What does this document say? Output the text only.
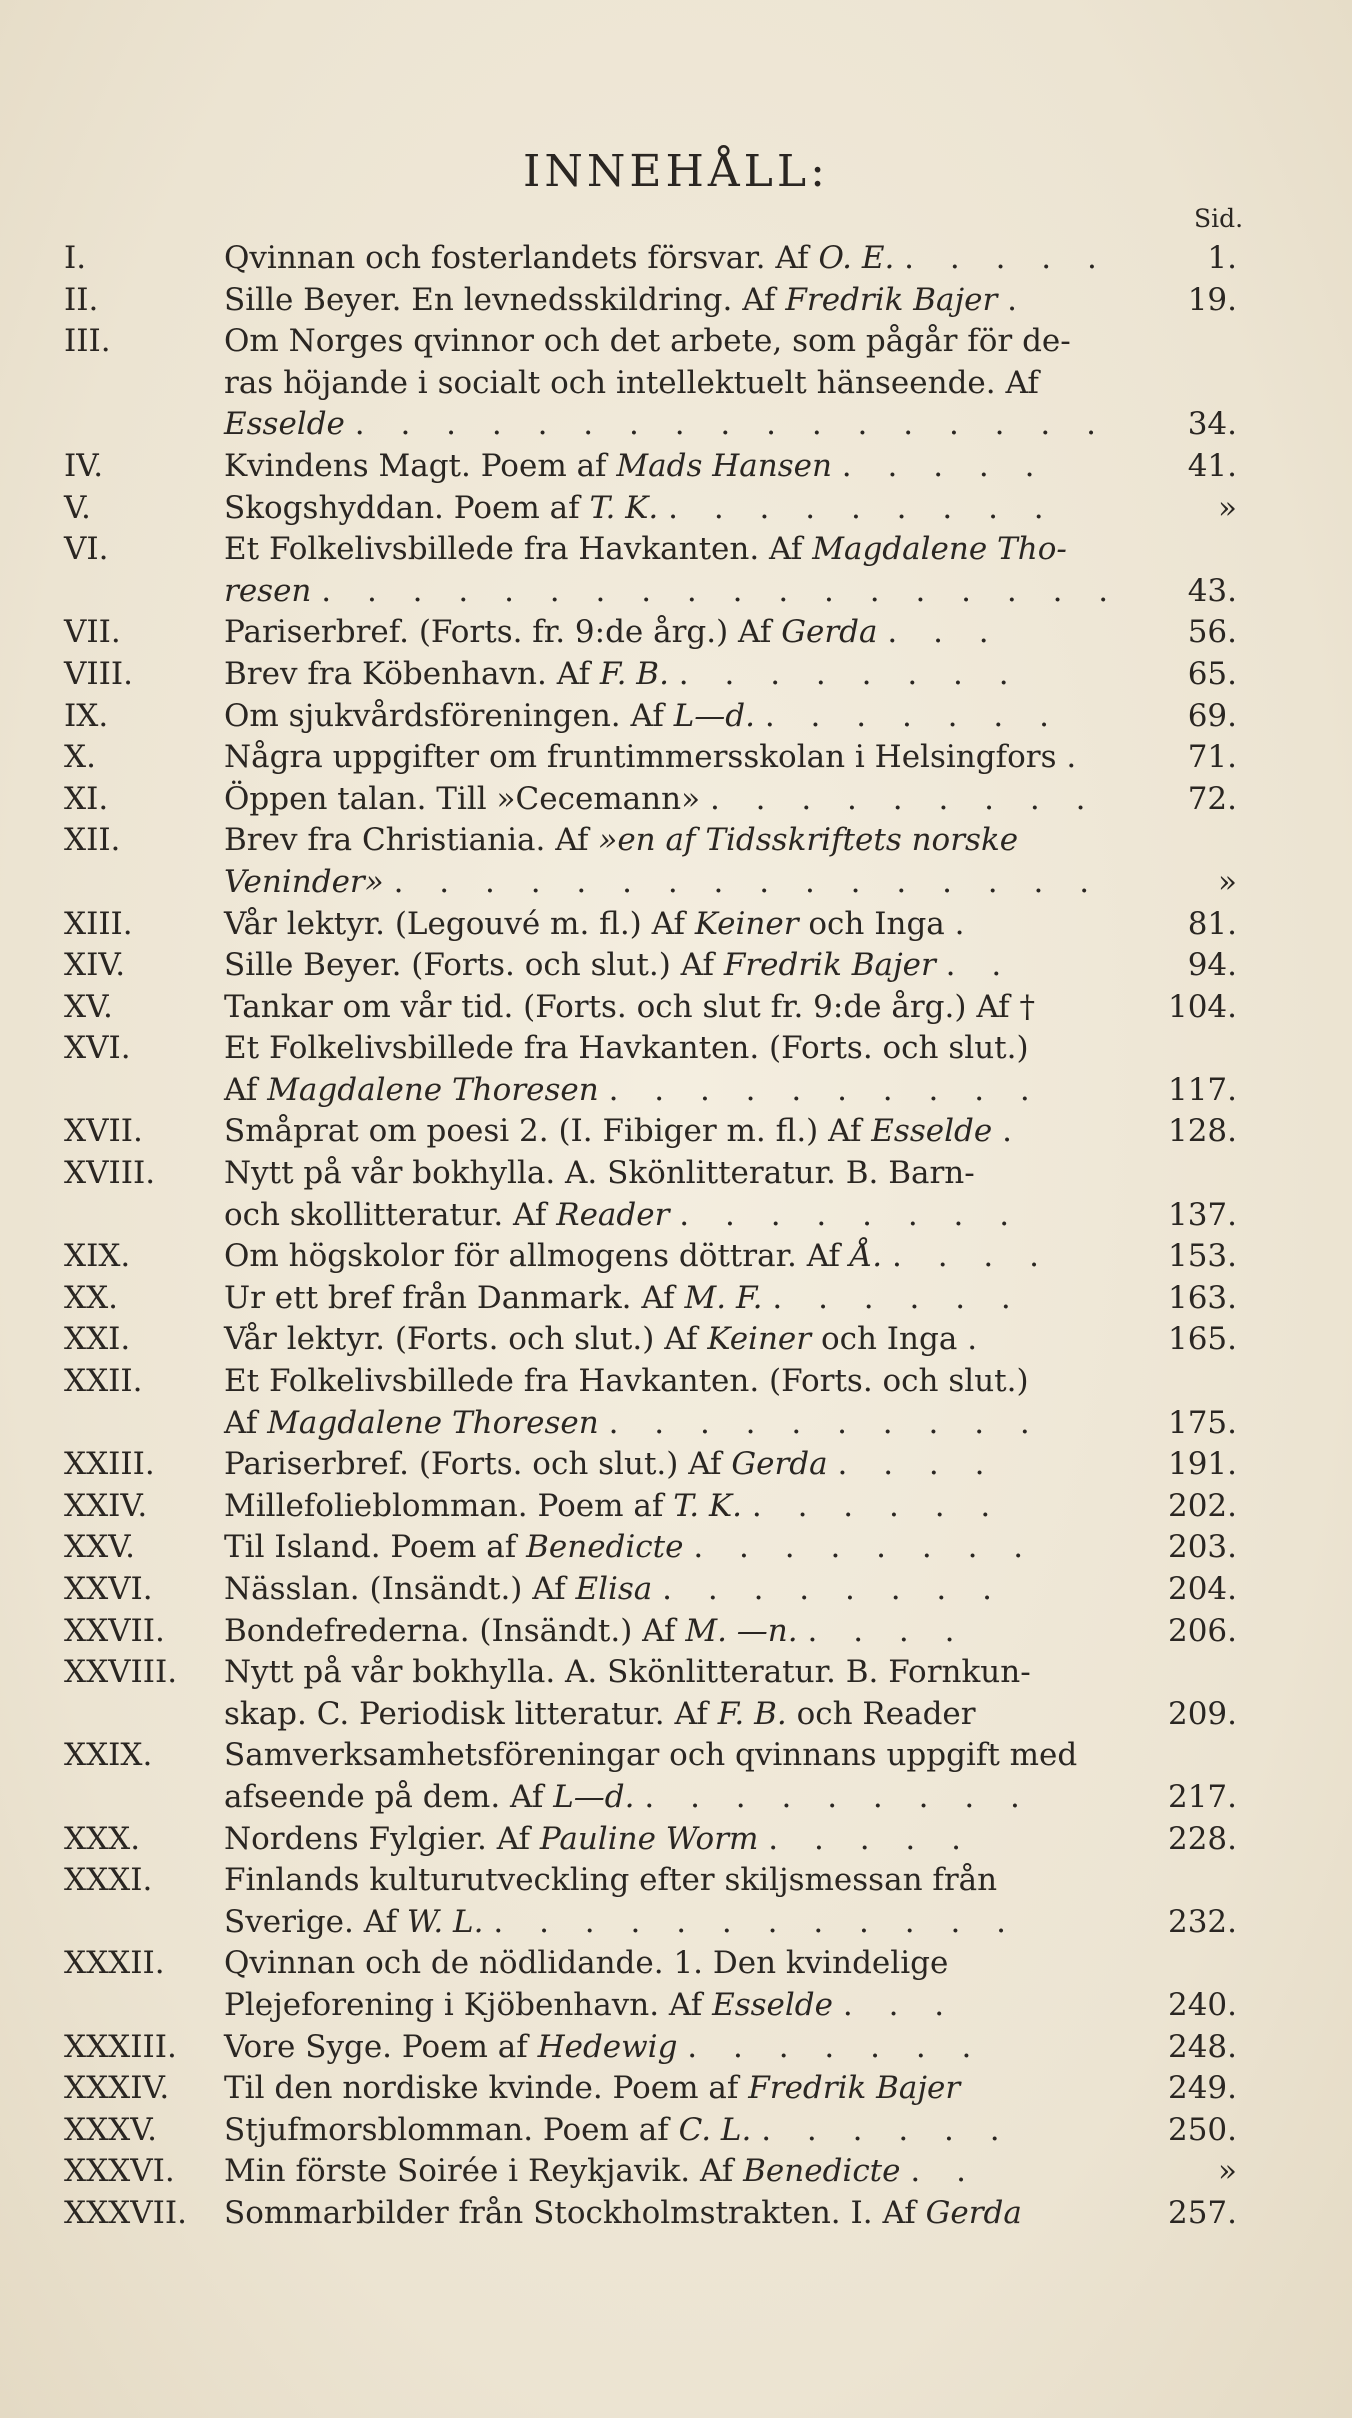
INNEHÅLL:
Sid.
I.	Qvinnan och fosterlandets försvar. Af O. E. . . . . .	1.
II.	Sille Beyer. En levnedsskildring. Af Fredrik Bajer .	19.
III.	Om Norges qvinnor och det arbete, som pågår för de-
ras höjande i socialt och intellektuelt hänseende. Af
Esselde . . . . . . . . . . . . . . . . .	34.
IV.	Kvindens Magt. Poem af Mads Hansen . . . . .	41.
V.	Skogshyddan. Poem af T. K. . . . . . . . . .	»
VI.	Et Folkelivsbillede fra Havkanten. Af Magdalene Tho-
resen . . . . . . . . . . . . . . . . . . 43.
VII.	Pariserbref. (Forts. fr. 9:de årg.) Af Gerda . . .	56.
VIII.	Brev fra Köbenhavn. Af F. B. . . . . . . . .	65.
IX.	Om sjukvårdsföreningen. Af L—d. . . . . . . .	69.
X.	Några uppgifter om fruntimmersskolan i Helsingfors .	71.
XI.	Öppen talan. Till »Cecemann» . . . . . . . . .	72.
XII.	Brev fra Christiania. Af »en af Tidsskriftets norske
Veninder» . . . . . . . . . . . . . . . .	»
XIII.	Vår lektyr. (Legouvé m. fl.) Af Keiner och Inga .	81.
XIV.	Sille Beyer. (Forts. och slut.) Af Fredrik Bajer . .	94.
XV.	Tankar om vår tid. (Forts. och slut fr. 9:de årg.) Af †	104.
XVI.	Et Folkelivsbillede fra Havkanten. (Forts. och slut.)
Af Magdalene Thoresen . . . . . . . . . .	117.
XVII.	Småprat om poesi 2. (I. Fibiger m. fl.) Af Esselde .	128.
XVIII. Nytt på vår bokhylla. A. Skönlitteratur. B. Barn-
och skollitteratur. Af Reader . . . . . . . .	137.
XIX.	Om högskolor för allmogens döttrar. Af Å. . . . .	153.
XX.	Ur ett bref från Danmark. Af M. F. . . . . . .	163.
XXI.	Vår lektyr. (Forts. och slut.) Af Keiner och Inga .	165.
XXII.	Et Folkelivsbillede fra Havkanten. (Forts. och slut.)
Af Magdalene Thoresen . . . . . . . . . .	175.
XXIII. Pariserbref. (Forts. och slut.) Af Gerda . . . .	191.
XXIV. Millefolieblomman. Poem af T. K. . . . . . .	202.
XXV.	Til Island. Poem af Benedicte . . . . . . . .	203.
XXVI. Nässlan. (Insändt.) Af Elisa . . . . . . . .	204.
XXVII. Bondefrederna. (Insändt.) Af M. —n. . . . .	206.
XXVIII. Nytt på vår bokhylla. A. Skönlitteratur. B. Fornkun-
skap. C. Periodisk litteratur. Af F. B. och Reader	209.
XXIX. Samverksamhetsföreningar och qvinnans uppgift med
afseende på dem. Af L—d. . . . . . . . . .	217.
XXX.	Nordens Fylgier. Af Pauline Worm . . . . .	228.
XXXI. Finlands kulturutveckling efter skiljsmessan från
Sverige. Af W. L. . . . . . . . . . . . .	232.
XXXII. Qvinnan och de nödlidande. 1. Den kvindelige
Plejeforening i Kjöbenhavn. Af Esselde . . .	240.
XXXIII. Vore Syge. Poem af Hedewig . . . . . . .	248.
XXXIV. Til den nordiske kvinde. Poem af Fredrik Bajer	249.
XXXV. Stjufmorsblomman. Poem af C. L. . . . . . .	250.
XXXVI. Min förste Soirée i Reykjavik. Af Benedicte . .	»
XXXVII. Sommarbilder från Stockholmstrakten. I. Af Gerda	257.
